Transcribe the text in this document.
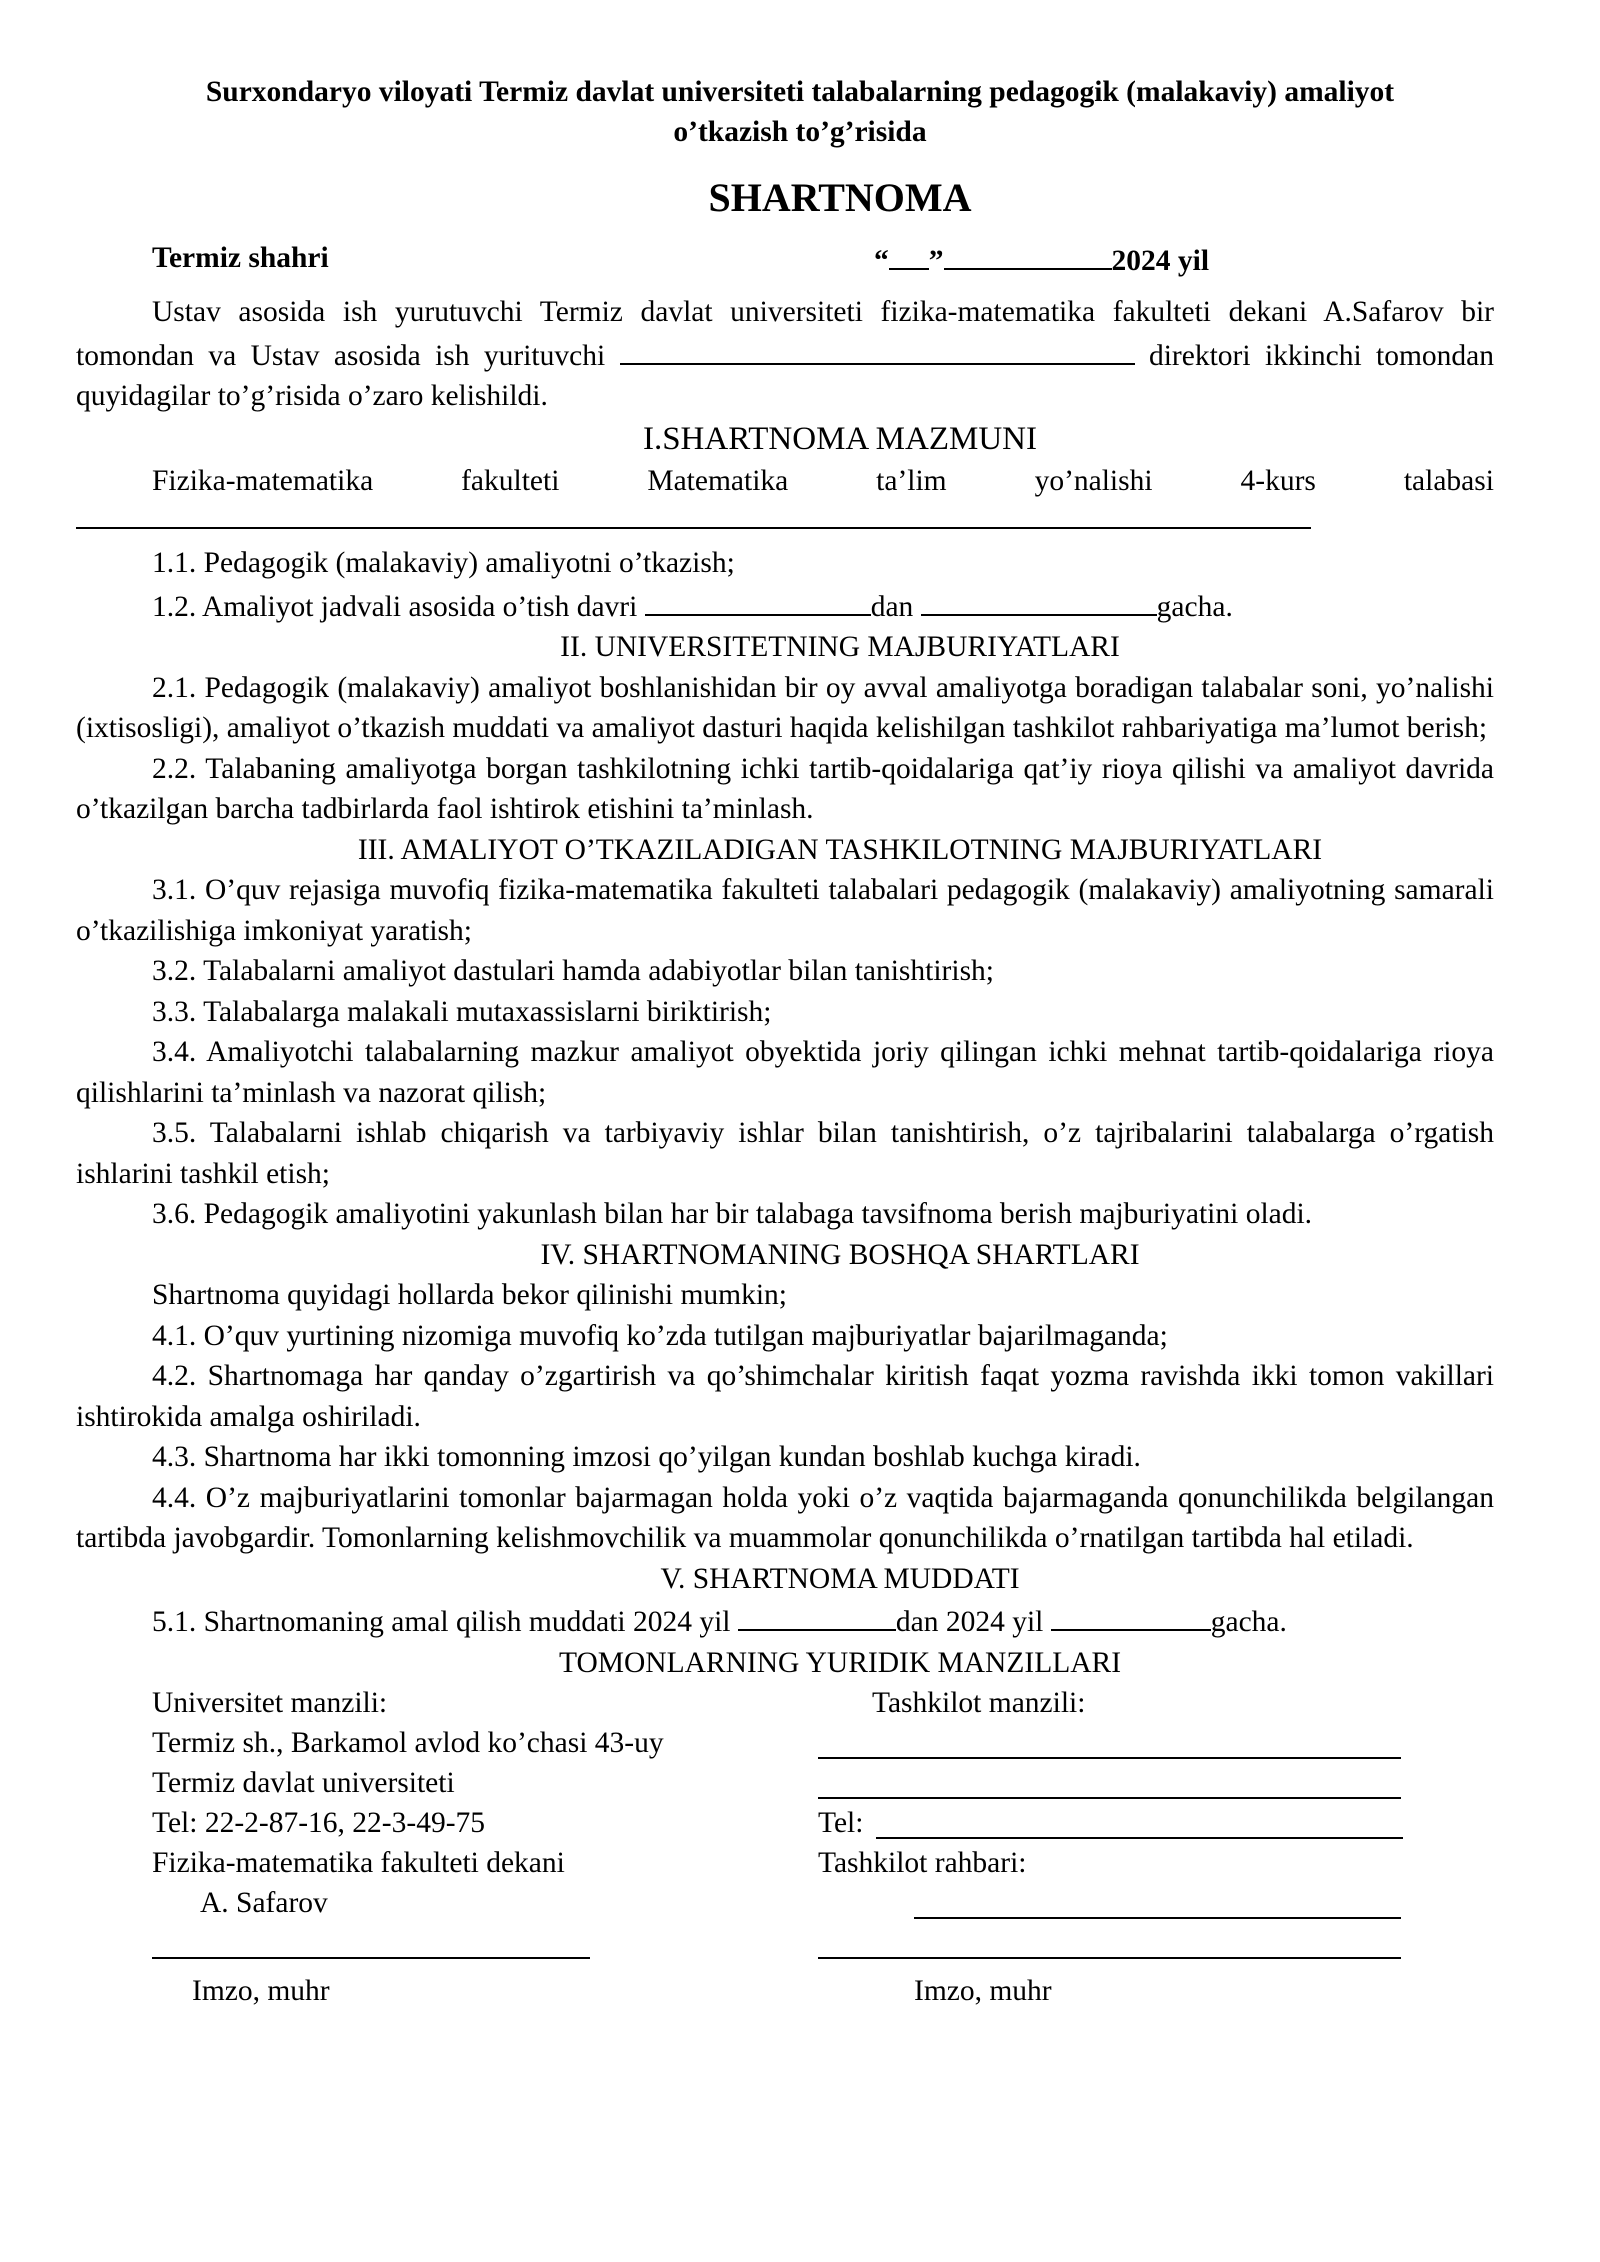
Surxondaryo viloyati Termiz davlat universiteti talabalarning pedagogik (malakaviy) amaliyot o’tkazish to’g’risida
SHARTNOMA
Termiz shahri	“ ”	2024 yil

Ustav asosida ish yurutuvchi Termiz davlat universiteti fizika-matematika fakulteti dekani A.Safarov bir tomondan va Ustav asosida ish yurituvchi	direktori ikkinchi tomondan quyidagilar to’g’risida o’zaro kelishildi.

I.SHARTNOMA MAZMUNI
Fizika-matematika	fakulteti	Matematika	ta’lim	yo’nalishi	4-kurs	talabasi

1.1. Pedagogik (malakaviy) amaliyotni o’tkazish;

1.2. Amaliyot jadvali asosida o’tish davri	dan	gacha.

II. UNIVERSITETNING MAJBURIYATLARI

2.1. Pedagogik (malakaviy) amaliyot boshlanishidan bir oy avval amaliyotga boradigan talabalar soni, yo’nalishi (ixtisosligi), amaliyot o’tkazish muddati va amaliyot dasturi haqida kelishilgan tashkilot rahbariyatiga ma’lumot berish;

2.2. Talabaning amaliyotga borgan tashkilotning ichki tartib-qoidalariga qat’iy rioya qilishi va amaliyot davrida o’tkazilgan barcha tadbirlarda faol ishtirok etishini ta’minlash.

III. AMALIYOT O’TKAZILADIGAN TASHKILOTNING MAJBURIYATLARI

3.1. O’quv rejasiga muvofiq fizika-matematika fakulteti talabalari pedagogik (malakaviy) amaliyotning samarali o’tkazilishiga imkoniyat yaratish;

3.2. Talabalarni amaliyot dastulari hamda adabiyotlar bilan tanishtirish;

3.3. Talabalarga malakali mutaxassislarni biriktirish;

3.4. Amaliyotchi talabalarning mazkur amaliyot obyektida joriy qilingan ichki mehnat tartib-qoidalariga rioya qilishlarini ta’minlash va nazorat qilish;

3.5. Talabalarni ishlab chiqarish va tarbiyaviy ishlar bilan tanishtirish, o’z tajribalarini talabalarga o’rgatish ishlarini tashkil etish;

3.6. Pedagogik amaliyotini yakunlash bilan har bir talabaga tavsifnoma berish majburiyatini oladi.

IV. SHARTNOMANING BOSHQA SHARTLARI

Shartnoma quyidagi hollarda bekor qilinishi mumkin;

4.1. O’quv yurtining nizomiga muvofiq ko’zda tutilgan majburiyatlar bajarilmaganda;

4.2. Shartnomaga har qanday o’zgartirish va qo’shimchalar kiritish faqat yozma ravishda ikki tomon vakillari ishtirokida amalga oshiriladi.

4.3. Shartnoma har ikki tomonning imzosi qo’yilgan kundan boshlab kuchga kiradi.

4.4. O’z majburiyatlarini tomonlar bajarmagan holda yoki o’z vaqtida bajarmaganda qonunchilikda belgilangan tartibda javobgardir. Tomonlarning kelishmovchilik va muammolar qonunchilikda o’rnatilgan tartibda hal etiladi.

V. SHARTNOMA MUDDATI

5.1. Shartnomaning amal qilish muddati 2024 yil	dan 2024 yil	gacha.

TOMONLARNING YURIDIK MANZILLARI
Universitet manzili:	Tashkilot manzili:
Termiz sh., Barkamol avlod ko’chasi 43-uy
Termiz davlat universiteti
Tel: 22-2-87-16, 22-3-49-75	Tel:
Fizika-matematika fakulteti dekani	Tashkilot rahbari:
A. Safarov
Imzo, muhr	Imzo, muhr
